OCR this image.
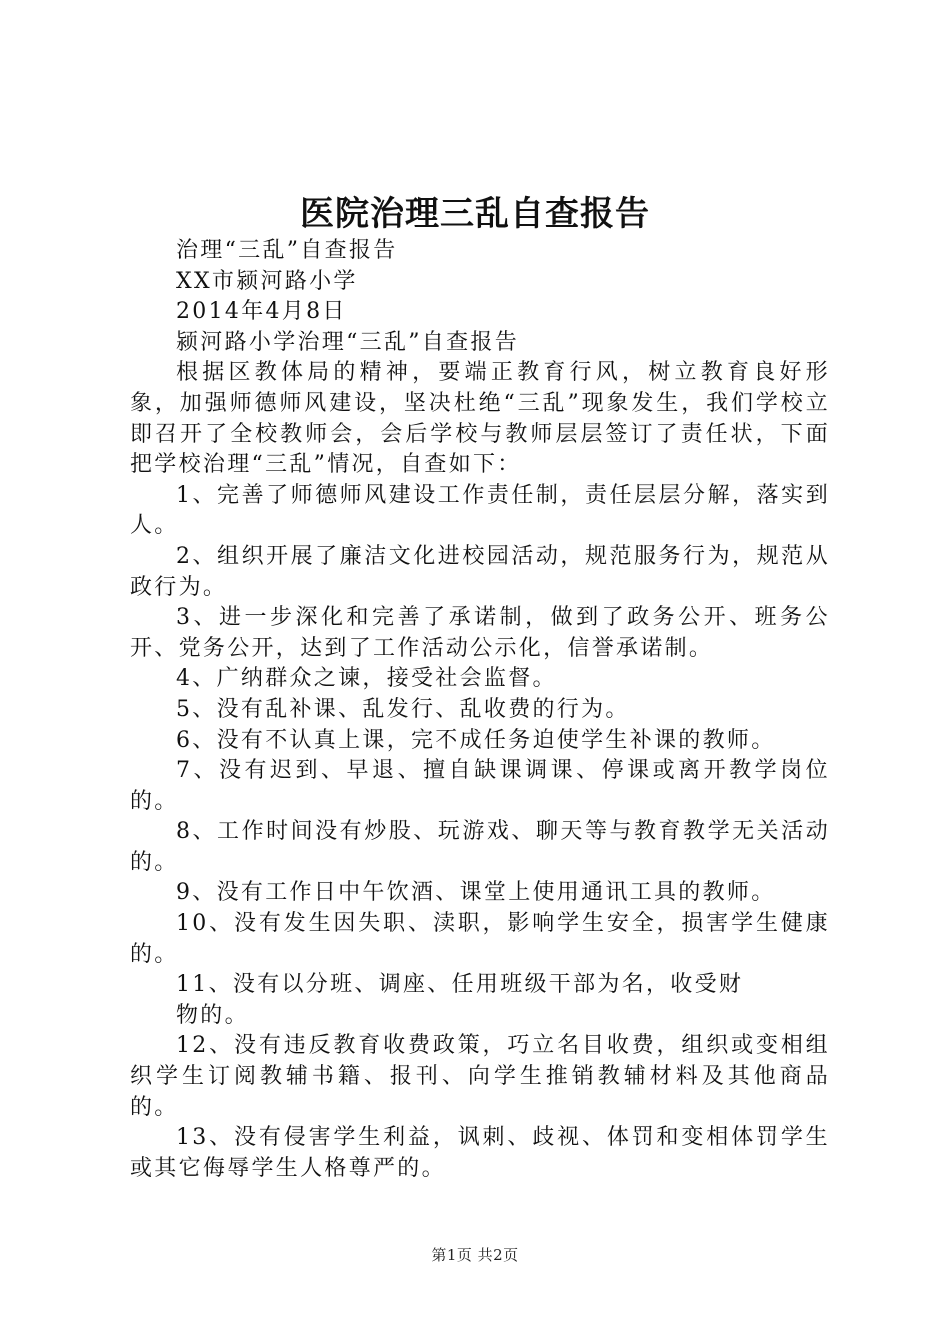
医院治理三乱自查报告

治理“三乱”自查报告

XX市颍河路小学

2014年4月8日

颍河路小学治理“三乱”自查报告

根据区教体局的精神，要端正教育行风，树立教育良好形象，加强师德师风建设，坚决杜绝“三乱”现象发生，我们学校立即召开了全校教师会，会后学校与教师层层签订了责任状，下面把学校治理“三乱”情况，自查如下：

1、完善了师德师风建设工作责任制，责任层层分解，落实到人。

2、组织开展了廉洁文化进校园活动，规范服务行为，规范从政行为。

3、进一步深化和完善了承诺制，做到了政务公开、班务公开、党务公开，达到了工作活动公示化，信誉承诺制。

4、广纳群众之谏，接受社会监督。

5、没有乱补课、乱发行、乱收费的行为。

6、没有不认真上课，完不成任务迫使学生补课的教师。

7、没有迟到、早退、擅自缺课调课、停课或离开教学岗位的。

8、工作时间没有炒股、玩游戏、聊天等与教育教学无关活动的。

9、没有工作日中午饮酒、课堂上使用通讯工具的教师。

10、没有发生因失职、渎职，影响学生安全，损害学生健康的。

11、没有以分班、调座、任用班级干部为名，收受财

物的。

12、没有违反教育收费政策，巧立名目收费，组织或变相组织学生订阅教辅书籍、报刊、向学生推销教辅材料及其他商品的。

13、没有侵害学生利益，讽刺、歧视、体罚和变相体罚学生或其它侮辱学生人格尊严的。

第1页 共2页
